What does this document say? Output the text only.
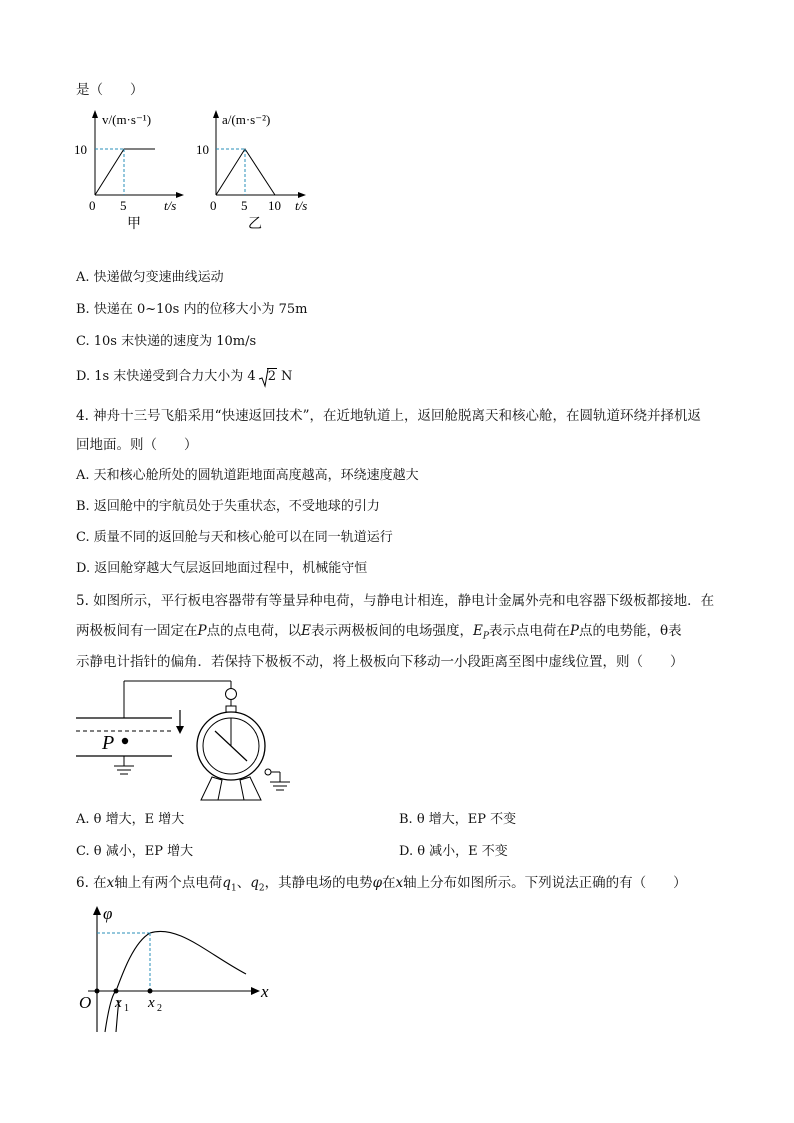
是（　　）
v/(m·s⁻¹)
10
0 5	t/s
甲
a/(m·s⁻²)
10
0 5 10 t/s
乙
A. 快递做匀变速曲线运动
B. 快递在 0~10s 内的位移大小为 75m
C. 10s 末快递的速度为 10m/s
D. 1s 末快递受到合力大小为 4 2 N
4. 神舟十三号飞船采用“快速返回技术”，在近地轨道上，返回舱脱离天和核心舱，在圆轨道环绕并择机返
回地面。则（　　）
A. 天和核心舱所处的圆轨道距地面高度越高，环绕速度越大
B. 返回舱中的宇航员处于失重状态，不受地球的引力
C. 质量不同的返回舱与天和核心舱可以在同一轨道运行
D. 返回舱穿越大气层返回地面过程中，机械能守恒
5. 如图所示，平行板电容器带有等量异种电荷，与静电计相连，静电计金属外壳和电容器下级板都接地．在
两极板间有一固定在P点的点电荷，以E表示两极板间的电场强度，$E_P$表示点电荷在P点的电势能，θ表
示静电计指针的偏角．若保持下极板不动，将上极板向下移动一小段距离至图中虚线位置，则（　　）
P
A. θ 增大，E 增大	B. θ 增大，EP 不变
C. θ 减小，EP 增大	D. θ 减小，E 不变
6. 在x轴上有两个点电荷$q_1$、$q_2$，其静电场的电势φ在x轴上分布如图所示。下列说法正确的有（　　）
φ
x
O x 1 x 2
